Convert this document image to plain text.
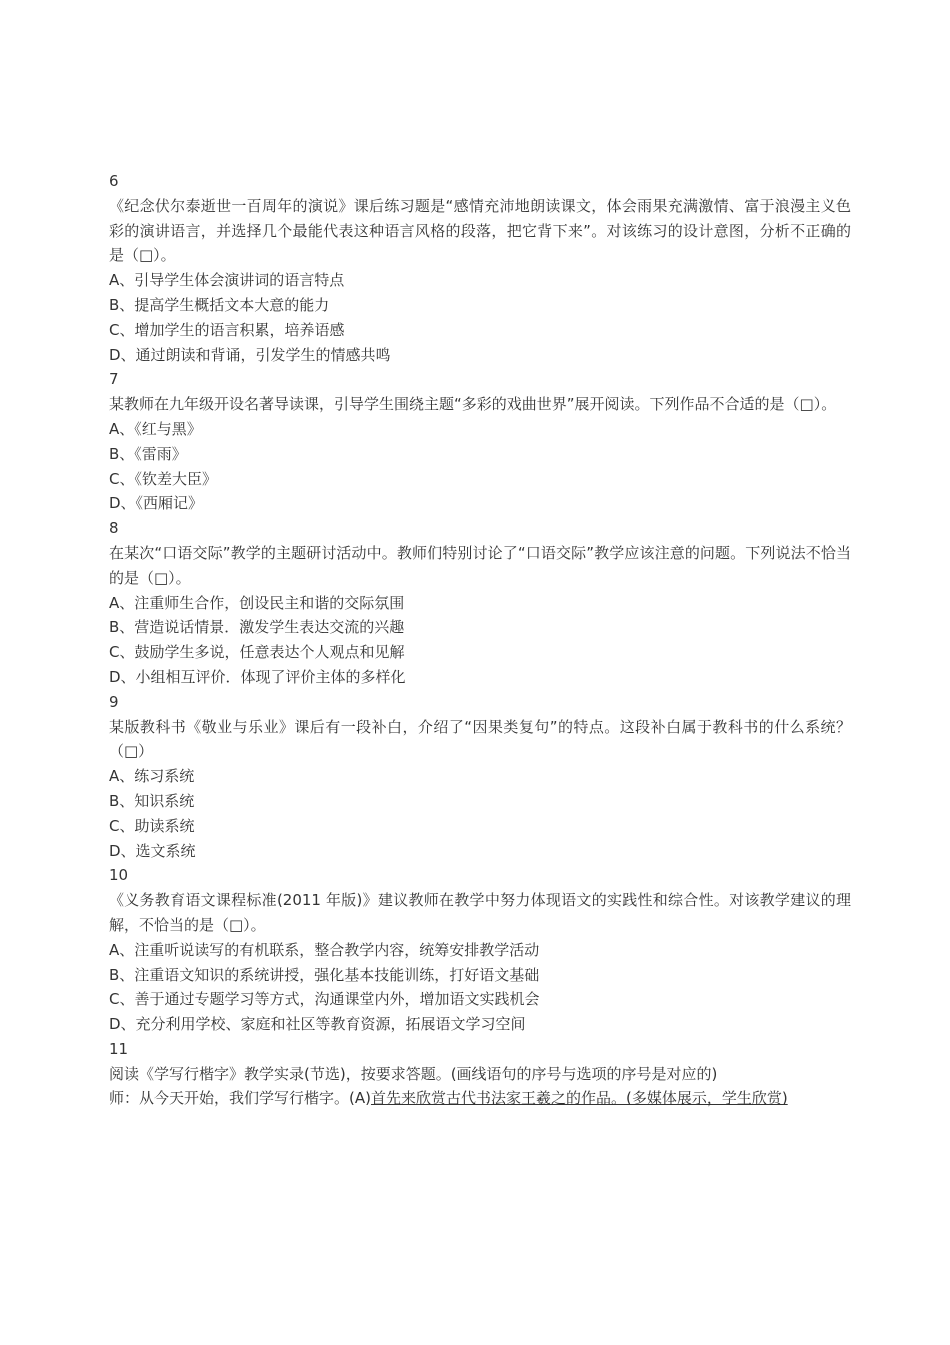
6
《纪念伏尔泰逝世一百周年的演说》课后练习题是“感情充沛地朗读课文，体会雨果充满激情、富于浪漫主义色彩的演讲语言，并选择几个最能代表这种语言风格的段落，把它背下来”。对该练习的设计意图，分析不正确的是（□）。
A、引导学生体会演讲词的语言特点
B、提高学生概括文本大意的能力
C、增加学生的语言积累，培养语感
D、通过朗读和背诵，引发学生的情感共鸣
7
某教师在九年级开设名著导读课，引导学生围绕主题“多彩的戏曲世界”展开阅读。下列作品不合适的是（□）。
A、《红与黑》
B、《雷雨》
C、《钦差大臣》
D、《西厢记》
8
在某次“口语交际”教学的主题研讨活动中。教师们特别讨论了“口语交际”教学应该注意的问题。下列说法不恰当的是（□）。
A、注重师生合作，创设民主和谐的交际氛围
B、营造说话情景．激发学生表达交流的兴趣
C、鼓励学生多说，任意表达个人观点和见解
D、小组相互评价．体现了评价主体的多样化
9
某版教科书《敬业与乐业》课后有一段补白，介绍了“因果类复句”的特点。这段补白属于教科书的什么系统？（□）
A、练习系统
B、知识系统
C、助读系统
D、选文系统
10
《义务教育语文课程标准(2011 年版)》建议教师在教学中努力体现语文的实践性和综合性。对该教学建议的理解，不恰当的是（□）。
A、注重听说读写的有机联系，整合教学内容，统筹安排教学活动
B、注重语文知识的系统讲授，强化基本技能训练，打好语文基础
C、善于通过专题学习等方式，沟通课堂内外，增加语文实践机会
D、充分利用学校、家庭和社区等教育资源，拓展语文学习空间
11
阅读《学写行楷字》教学实录(节选)，按要求答题。(画线语句的序号与选项的序号是对应的)
师：从今天开始，我们学写行楷字。(A)首先来欣赏古代书法家王羲之的作品。(多媒体展示，学生欣赏)
